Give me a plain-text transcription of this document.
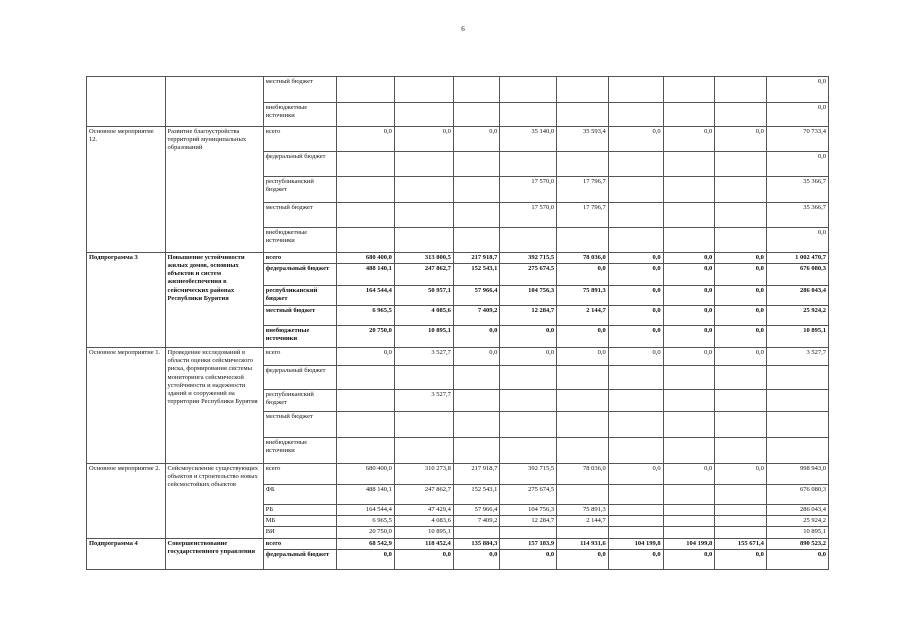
6
		местный бюджет									0,0
		внебюджетные источники									0,0
Основное мероприятие 12.	Развитие благоустройства территорий муниципальных образований	всего	0,0	0,0	0,0	35 140,0	35 593,4	0,0	0,0	0,0	70 733,4
		федеральный бюджет									0,0
		республиканский бюджет				17 570,0	17 796,7				35 366,7
		местный бюджет				17 570,0	17 796,7				35 366,7
		внебюджетные источники									0,0
Подпрограмма 3	Повышение устойчивости жилых домов, основных объектов и систем жизнеобеспечения в сейсмических районах Республики Бурятия	всего	680 400,0	313 800,5	217 918,7	392 715,5	78 036,0	0,0	0,0	0,0	1 002 470,7
		федеральный бюджет	488 140,1	247 862,7	152 543,1	275 674,5	0,0	0,0	0,0	0,0	676 080,3
		республиканский бюджет	164 544,4	50 957,1	57 966,4	104 756,3	75 891,3	0,0	0,0	0,0	286 043,4
		местный бюджет	6 965,5	4 085,6	7 409,2	12 284,7	2 144,7	0,0	0,0	0,0	25 924,2
		внебюджетные источники	20 750,0	10 895,1	0,0	0,0	0,0	0,0	0,0	0,0	10 895,1
Основное мероприятие 1.	Проведение исследований в области оценки сейсмического риска, формирования системы мониторинга сейсмической устойчивости и надежности зданий и сооружений на территории Республики Бурятия	всего	0,0	3 527,7	0,0	0,0	0,0	0,0	0,0	0,0	3 527,7
		федеральный бюджет									
		республиканский бюджет		3 527,7							
		местный бюджет									
		внебюджетные источники									
Основное мероприятие 2.	Сейсмоусиление существующих объектов и строительство новых сейсмостойких объектов	всего	680 400,0	310 273,8	217 918,7	392 715,5	78 036,0	0,0	0,0	0,0	998 943,0
		ФБ	488 140,1	247 862,7	152 543,1	275 674,5					676 080,3
		РБ	164 544,4	47 429,4	57 966,4	104 756,3	75 891,3				286 043,4
		МБ	6 965,5	4 083,6	7 409,2	12 284,7	2 144,7				25 924,2
		ВИ	20 750,0	10 895,1							10 895,1
Подпрограмма 4	Совершенствование государственного управления	всего	68 542,9	118 452,4	135 884,3	157 183,9	114 931,6	104 199,8	104 199,8	155 671,4	890 523,2
		федеральный бюджет	0,0	0,0	0,0	0,0	0,0	0,0	0,0	0,0	0,0
